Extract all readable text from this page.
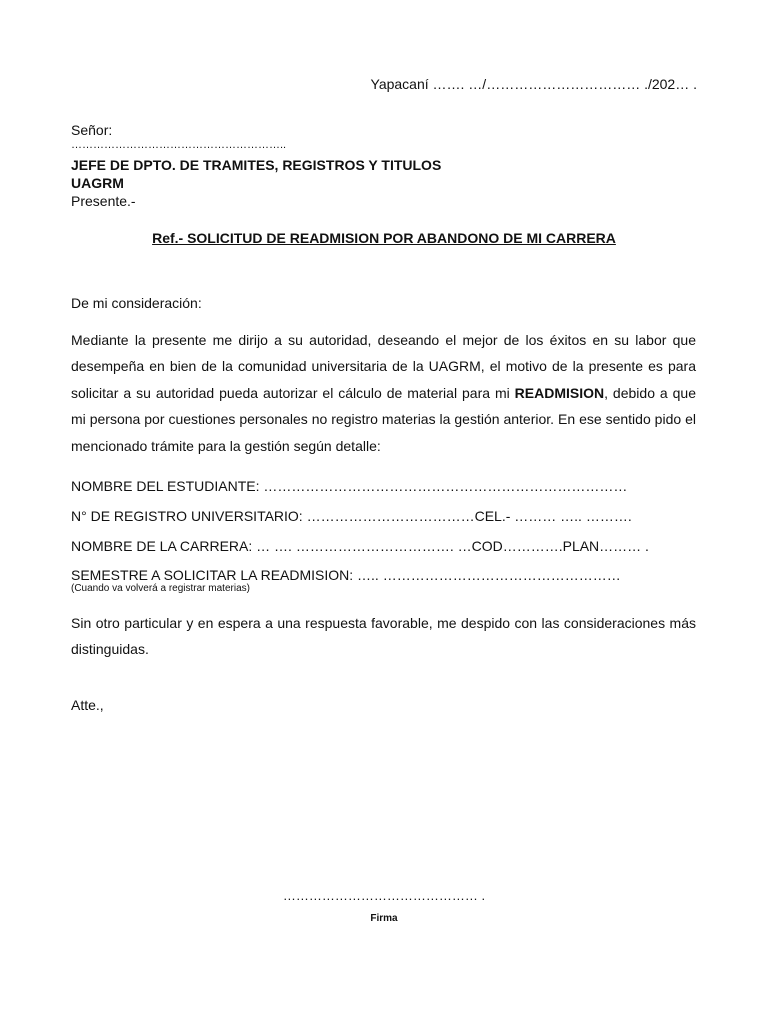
Yapacaní ……. …/…………………………… ./202… .
Señor:
…………………………………………………..
JEFE DE DPTO. DE TRAMITES, REGISTROS Y TITULOS
UAGRM
Presente.-
Ref.- SOLICITUD DE READMISION POR ABANDONO DE MI CARRERA
De mi consideración:

Mediante la presente me dirijo a su autoridad, deseando el mejor de los éxitos en su labor que desempeña en bien de la comunidad universitaria de la UAGRM, el motivo de la presente es para solicitar a su autoridad pueda autorizar el cálculo de material para mi READMISION, debido a que mi persona por cuestiones personales no registro materias la gestión anterior. En ese sentido pido el mencionado trámite para la gestión según detalle:

NOMBRE DEL ESTUDIANTE: ……………………………………………………………………
N° DE REGISTRO UNIVERSITARIO: ………………………………CEL.- ……… ….. ……….
NOMBRE DE LA CARRERA: … …. ……………………………. …COD………….PLAN……… .
SEMESTRE A SOLICITAR LA READMISION: ….. ……………………………………………
(Cuando va volverá a registrar materias)

Sin otro particular y en espera a una respuesta favorable, me despido con las consideraciones más distinguidas.

Atte.,
……………………………………… .
Firma
